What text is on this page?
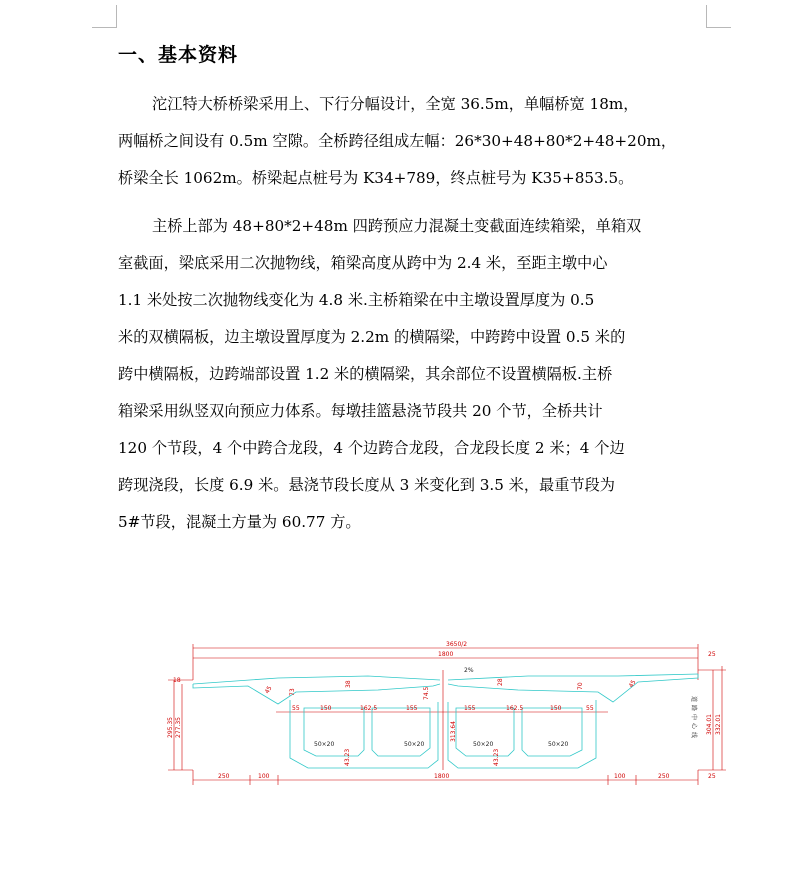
一、基本资料

沱江特大桥桥梁采用上、下行分幅设计，全宽 36.5m，单幅桥宽 18m，
两幅桥之间设有 0.5m 空隙。全桥跨径组成左幅：26*30+48+80*2+48+20m，
桥梁全长 1062m。桥梁起点桩号为 K34+789，终点桩号为 K35+853.5。

主桥上部为 48+80*2+48m 四跨预应力混凝土变截面连续箱梁，单箱双
室截面，梁底采用二次抛物线，箱梁高度从跨中为 2.4 米，至距主墩中心
1.1 米处按二次抛物线变化为 4.8 米.主桥箱梁在中主墩设置厚度为 0.5
米的双横隔板，边主墩设置厚度为 2.2m 的横隔梁，中跨跨中设置 0.5 米的
跨中横隔板，边跨端部设置 1.2 米的横隔梁，其余部位不设置横隔板.主桥
箱梁采用纵竖双向预应力体系。每墩挂篮悬浇节段共 20 个节，全桥共计
120 个节段，4 个中跨合龙段，4 个边跨合龙段，合龙段长度 2 米；4 个边
跨现浇段，长度 6.9 米。悬浇节段长度从 3 米变化到 3.5 米，最重节段为
5#节段，混凝土方量为 60.77 方。

3650/2
1800	25
250	100	1800	100	250	25
18
295.35 277.35	304.01 332.01
313.64
74.5
150	162.5	155
55	155	162.5	150	55
50×20	50×20	50×20	50×20
43.23	43.23
2%
45	73
38	28
70	45
道路中心线
